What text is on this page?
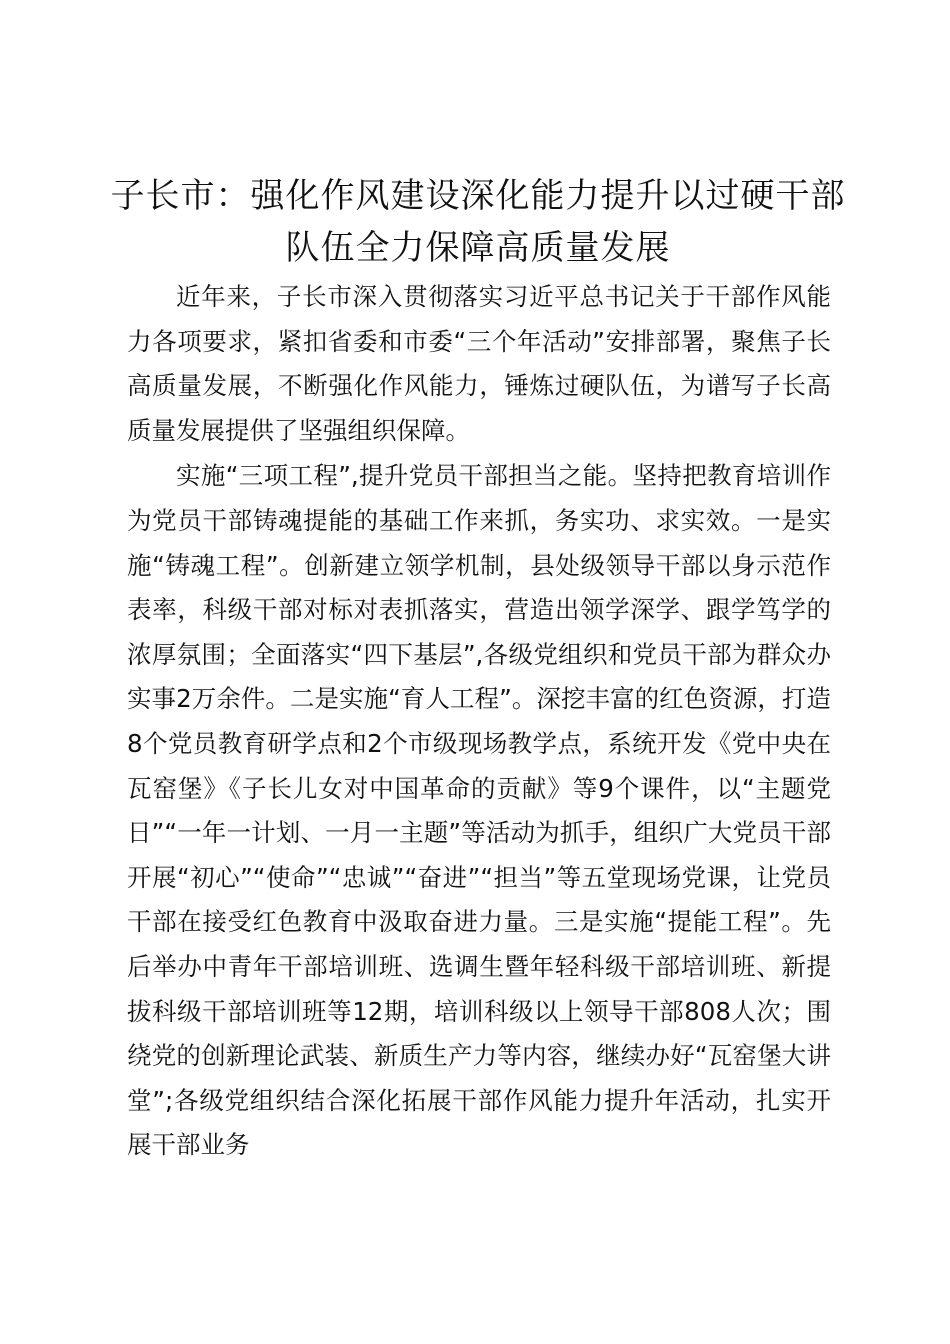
子长市：强化作风建设深化能力提升以过硬干部队伍全力保障高质量发展

近年来，子长市深入贯彻落实习近平总书记关于干部作风能力各项要求，紧扣省委和市委“三个年活动”安排部署，聚焦子长高质量发展，不断强化作风能力，锤炼过硬队伍，为谱写子长高质量发展提供了坚强组织保障。

实施“三项工程”,提升党员干部担当之能。坚持把教育培训作为党员干部铸魂提能的基础工作来抓，务实功、求实效。一是实施“铸魂工程”。创新建立领学机制，县处级领导干部以身示范作表率，科级干部对标对表抓落实，营造出领学深学、跟学笃学的浓厚氛围；全面落实“四下基层”,各级党组织和党员干部为群众办实事2万余件。二是实施“育人工程”。深挖丰富的红色资源，打造8个党员教育研学点和2个市级现场教学点，系统开发《党中央在瓦窑堡》《子长儿女对中国革命的贡献》等9个课件，以“主题党日”“一年一计划、一月一主题”等活动为抓手，组织广大党员干部开展“初心”“使命”“忠诚”“奋进”“担当”等五堂现场党课，让党员干部在接受红色教育中汲取奋进力量。三是实施“提能工程”。先后举办中青年干部培训班、选调生暨年轻科级干部培训班、新提拔科级干部培训班等12期，培训科级以上领导干部808人次；围绕党的创新理论武装、新质生产力等内容，继续办好“瓦窑堡大讲堂”;各级党组织结合深化拓展干部作风能力提升年活动，扎实开展干部业务
